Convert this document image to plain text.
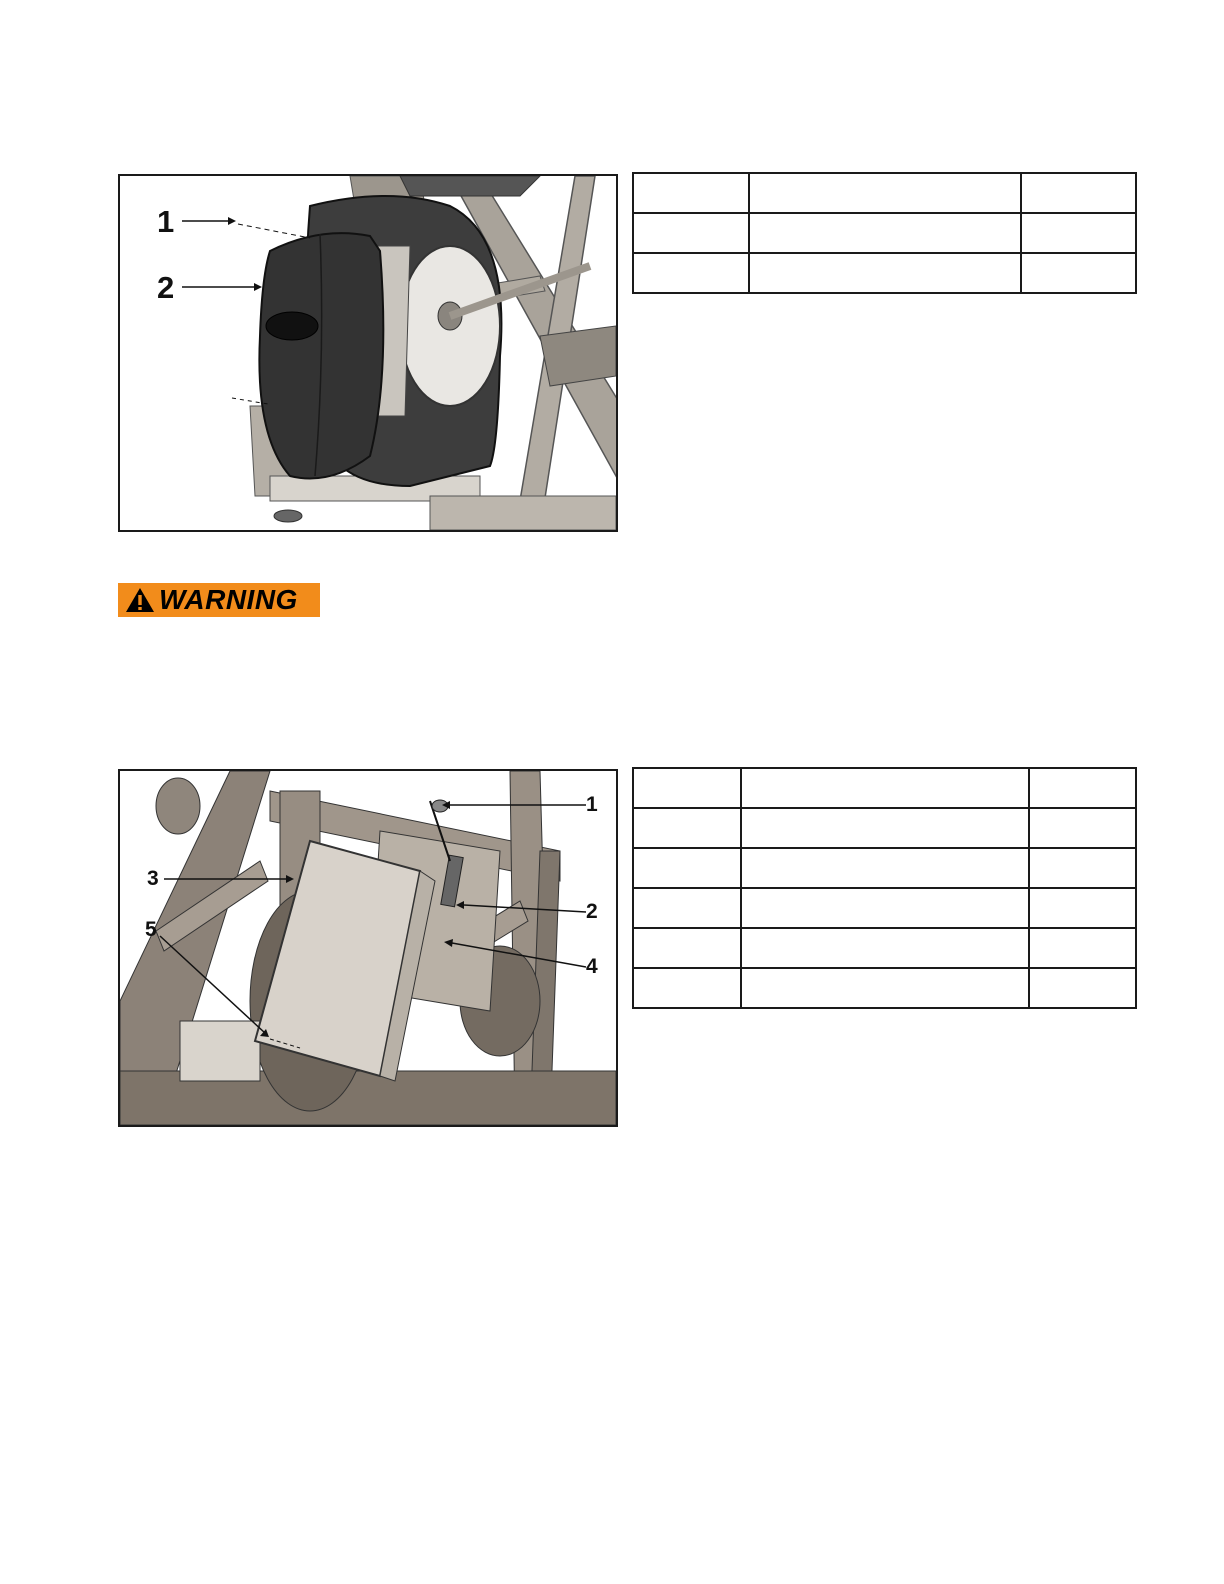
1
2

WARNING
1
2
3
4
5
